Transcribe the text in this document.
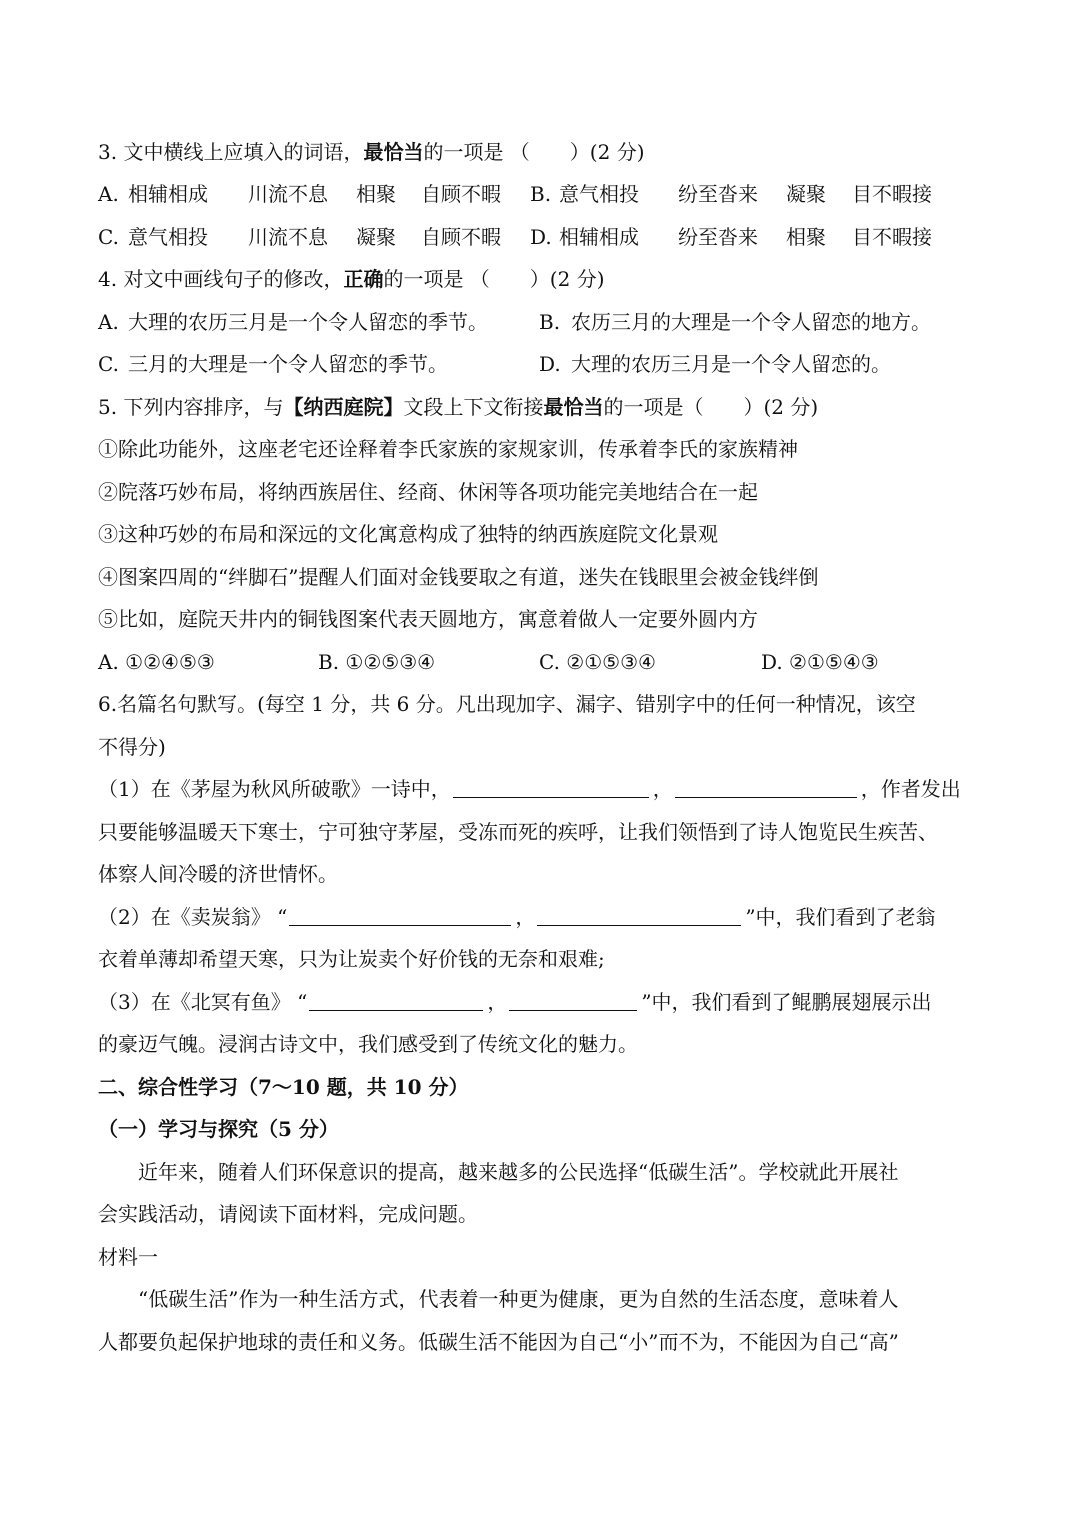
3. 文中横线上应填入的词语，最恰当的一项是 （　　）(2 分)
A. 相辅相成 川流不息 相聚 自顾不暇 B. 意气相投 纷至沓来 凝聚 目不暇接
C. 意气相投 川流不息 凝聚 自顾不暇 D. 相辅相成 纷至沓来 相聚 目不暇接
4. 对文中画线句子的修改，正确的一项是 （　　）(2 分)
A. 大理的农历三月是一个令人留恋的季节。	B. 农历三月的大理是一个令人留恋的地方。
C. 三月的大理是一个令人留恋的季节。	D. 大理的农历三月是一个令人留恋的。
5. 下列内容排序，与【纳西庭院】文段上下文衔接最恰当的一项是（　　）(2 分)
①除此功能外，这座老宅还诠释着李氏家族的家规家训，传承着李氏的家族精神
②院落巧妙布局，将纳西族居住、经商、休闲等各项功能完美地结合在一起
③这种巧妙的布局和深远的文化寓意构成了独特的纳西族庭院文化景观
④图案四周的“绊脚石”提醒人们面对金钱要取之有道，迷失在钱眼里会被金钱绊倒
⑤比如，庭院天井内的铜钱图案代表天圆地方，寓意着做人一定要外圆内方
A. ①②④⑤③	B. ①②⑤③④	C. ②①⑤③④	D. ②①⑤④③
6.名篇名句默写。(每空 1 分，共 6 分。凡出现加字、漏字、错别字中的任何一种情况，该空
不得分)
（1）在《茅屋为秋风所破歌》一诗中，	，	，作者发出
只要能够温暖天下寒士，宁可独守茅屋，受冻而死的疾呼，让我们领悟到了诗人饱览民生疾苦、
体察人间冷暖的济世情怀。
（2）在《卖炭翁》 “	，	”中，我们看到了老翁
衣着单薄却希望天寒，只为让炭卖个好价钱的无奈和艰难;
（3）在《北冥有鱼》 “	，	”中，我们看到了鲲鹏展翅展示出
的豪迈气魄。浸润古诗文中，我们感受到了传统文化的魅力。
二、综合性学习（7～10 题，共 10 分）
（一）学习与探究（5 分）
　　近年来，随着人们环保意识的提高，越来越多的公民选择“低碳生活”。学校就此开展社
会实践活动，请阅读下面材料，完成问题。
材料一
　　“低碳生活”作为一种生活方式，代表着一种更为健康，更为自然的生活态度，意味着人
人都要负起保护地球的责任和义务。低碳生活不能因为自己“小”而不为，不能因为自己“高”
